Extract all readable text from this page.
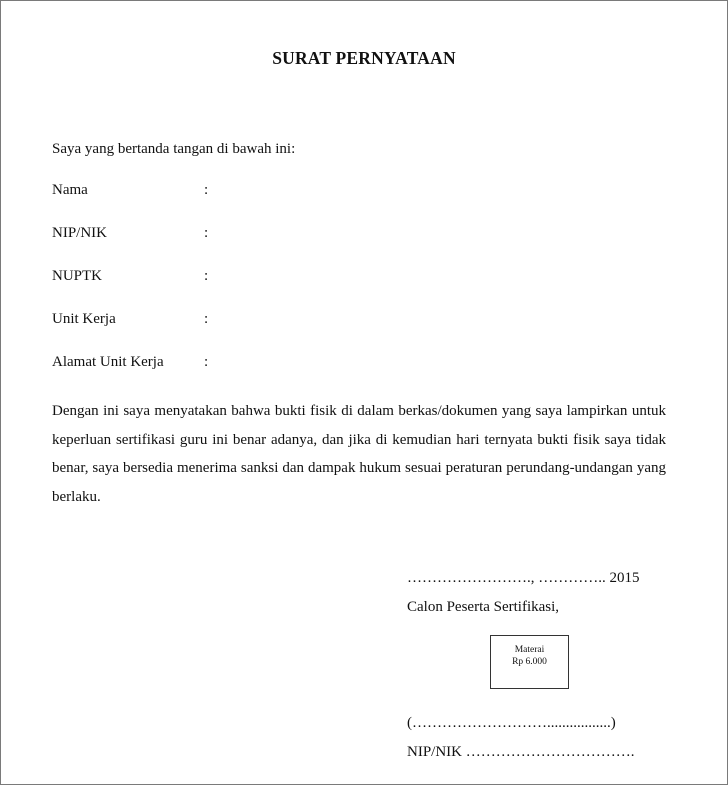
SURAT PERNYATAAN
Saya yang bertanda tangan di bawah ini:
Nama	:
NIP/NIK	:
NUPTK	:
Unit Kerja	:
Alamat Unit Kerja	:
Dengan ini saya menyatakan bahwa bukti fisik di dalam berkas/dokumen yang saya lampirkan untuk keperluan sertifikasi guru ini benar adanya, dan jika di kemudian hari ternyata bukti fisik saya tidak benar, saya bersedia menerima sanksi dan dampak hukum sesuai peraturan perundang-undangan yang berlaku.
……………………., ………….. 2015
Calon Peserta Sertifikasi,
Materai
Rp 6.000
(……………………….................)
NIP/NIK …………………………….
